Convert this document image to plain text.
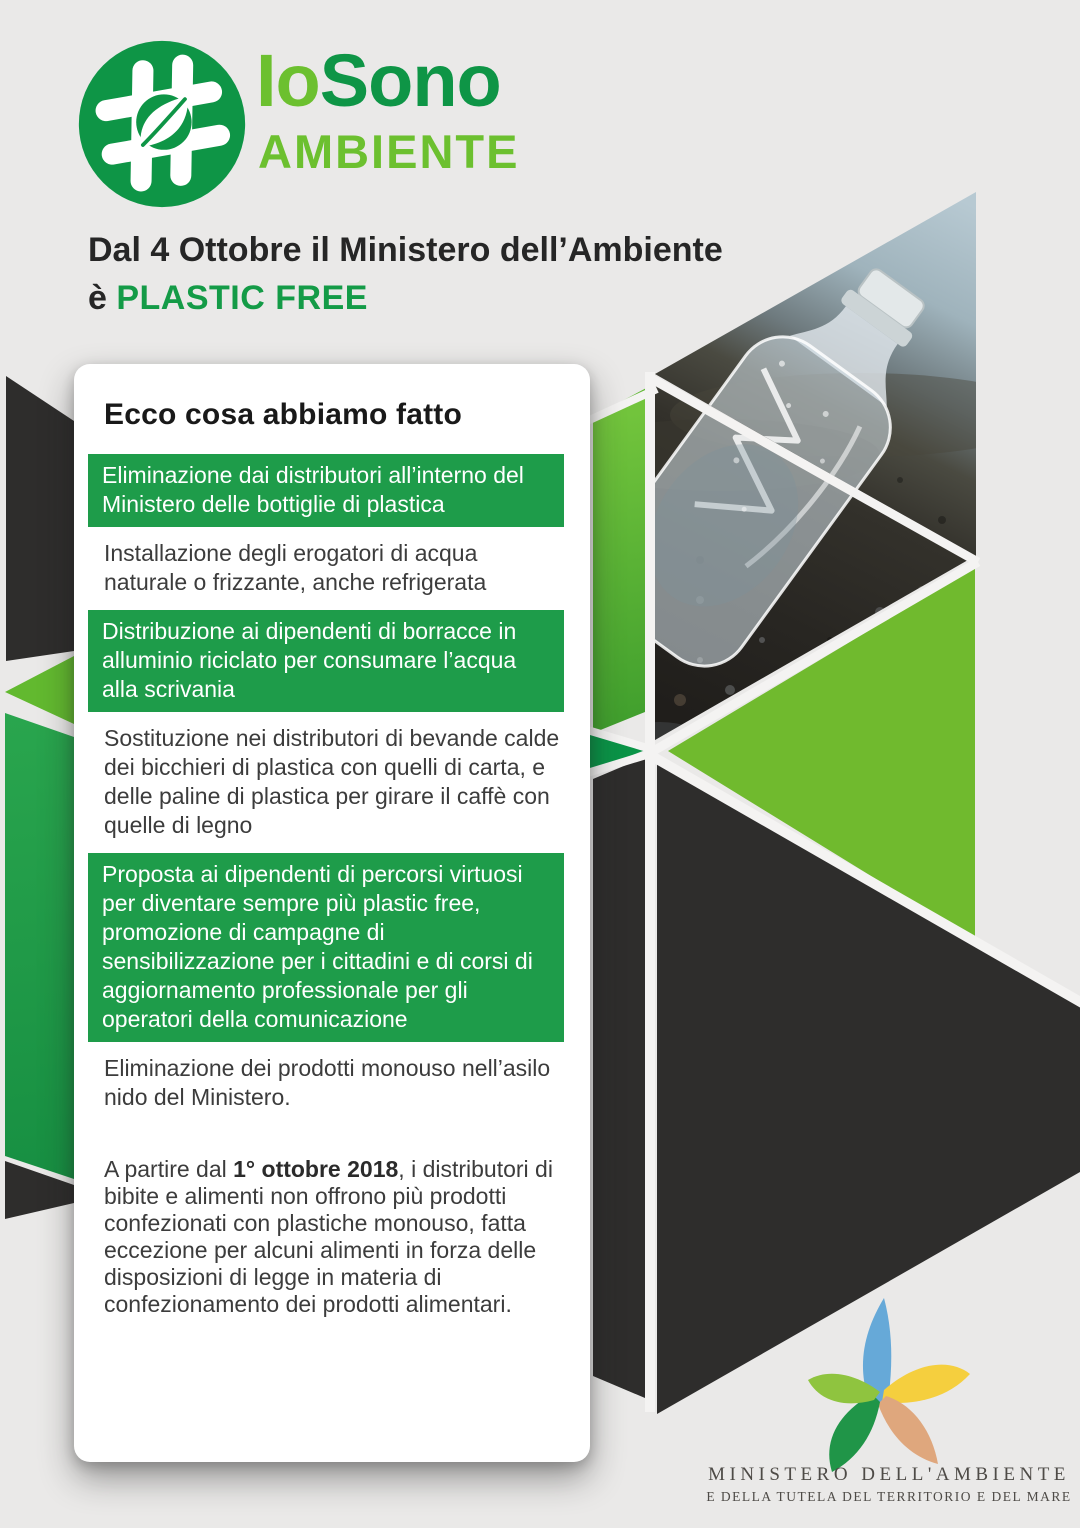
IoSono
AMBIENTE
Dal 4 Ottobre il Ministero dell’Ambiente
è PLASTIC FREE
Ecco cosa abbiamo fatto
Eliminazione dai distributori all’interno del Ministero delle bottiglie di plastica
Installazione degli erogatori di acqua naturale o frizzante, anche refrigerata
Distribuzione ai dipendenti di borracce in alluminio riciclato per consumare l’acqua alla scrivania
Sostituzione nei distributori di bevande calde dei bicchieri di plastica con quelli di carta, e delle paline di plastica per girare il caffè con quelle di legno
Proposta ai dipendenti di percorsi virtuosi per diventare sempre più plastic free, promozione di campagne di sensibilizzazione per i cittadini e di corsi di aggiornamento professionale per gli operatori della comunicazione
Eliminazione dei prodotti monouso nell’asilo nido del Ministero.

A partire dal 1° ottobre 2018, i distributori di bibite e alimenti non offrono più prodotti confezionati con plastiche monouso, fatta eccezione per alcuni alimenti in forza delle disposizioni di legge in materia di confezionamento dei prodotti alimentari.

MINISTERO DELL'AMBIENTE
E DELLA TUTELA DEL TERRITORIO E DEL MARE
